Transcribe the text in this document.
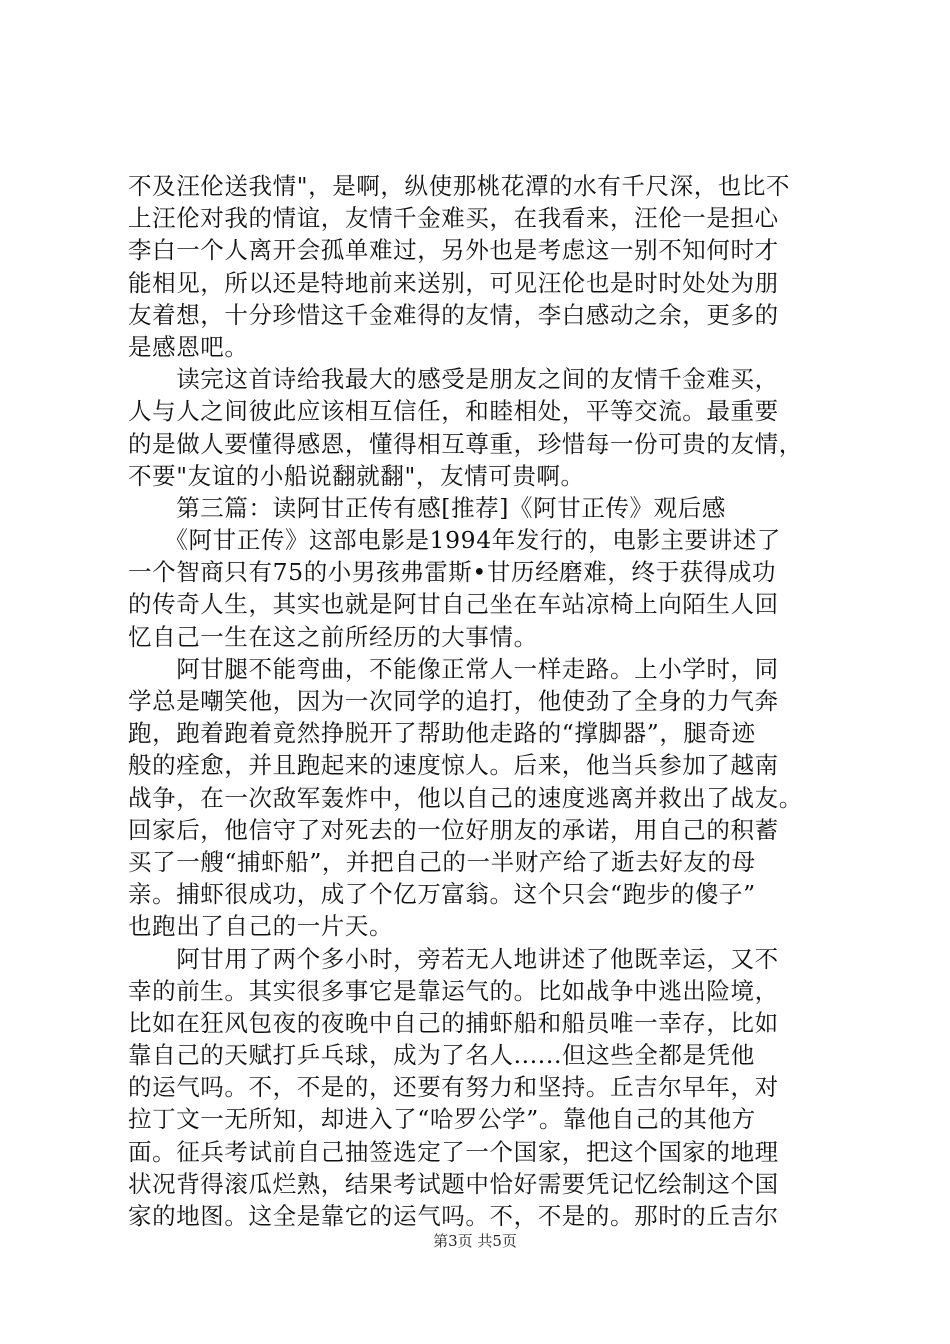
不及汪伦送我情"，是啊，纵使那桃花潭的水有千尺深，也比不
上汪伦对我的情谊，友情千金难买，在我看来，汪伦一是担心
李白一个人离开会孤单难过，另外也是考虑这一别不知何时才
能相见，所以还是特地前来送别，可见汪伦也是时时处处为朋
友着想，十分珍惜这千金难得的友情，李白感动之余，更多的
是感恩吧。
　　读完这首诗给我最大的感受是朋友之间的友情千金难买，
人与人之间彼此应该相互信任，和睦相处，平等交流。最重要
的是做人要懂得感恩，懂得相互尊重，珍惜每一份可贵的友情，
不要"友谊的小船说翻就翻"，友情可贵啊。
　　第三篇：读阿甘正传有感[推荐]《阿甘正传》观后感
　　《阿甘正传》这部电影是1994年发行的，电影主要讲述了
一个智商只有75的小男孩弗雷斯•甘历经磨难，终于获得成功
的传奇人生，其实也就是阿甘自己坐在车站凉椅上向陌生人回
忆自己一生在这之前所经历的大事情。
　　阿甘腿不能弯曲，不能像正常人一样走路。上小学时，同
学总是嘲笑他，因为一次同学的追打，他使劲了全身的力气奔
跑，跑着跑着竟然挣脱开了帮助他走路的“撑脚器”，腿奇迹
般的痊愈，并且跑起来的速度惊人。后来，他当兵参加了越南
战争，在一次敌军轰炸中，他以自己的速度逃离并救出了战友。
回家后，他信守了对死去的一位好朋友的承诺，用自己的积蓄
买了一艘“捕虾船”，并把自己的一半财产给了逝去好友的母
亲。捕虾很成功，成了个亿万富翁。这个只会“跑步的傻子”
也跑出了自己的一片天。
　　阿甘用了两个多小时，旁若无人地讲述了他既幸运，又不
幸的前生。其实很多事它是靠运气的。比如战争中逃出险境，
比如在狂风包夜的夜晚中自己的捕虾船和船员唯一幸存，比如
靠自己的天赋打乒乓球，成为了名人......但这些全都是凭他
的运气吗。不，不是的，还要有努力和坚持。丘吉尔早年，对
拉丁文一无所知，却进入了“哈罗公学”。靠他自己的其他方
面。征兵考试前自己抽签选定了一个国家，把这个国家的地理
状况背得滚瓜烂熟，结果考试题中恰好需要凭记忆绘制这个国
家的地图。这全是靠它的运气吗。不，不是的。那时的丘吉尔
第3页 共5页
